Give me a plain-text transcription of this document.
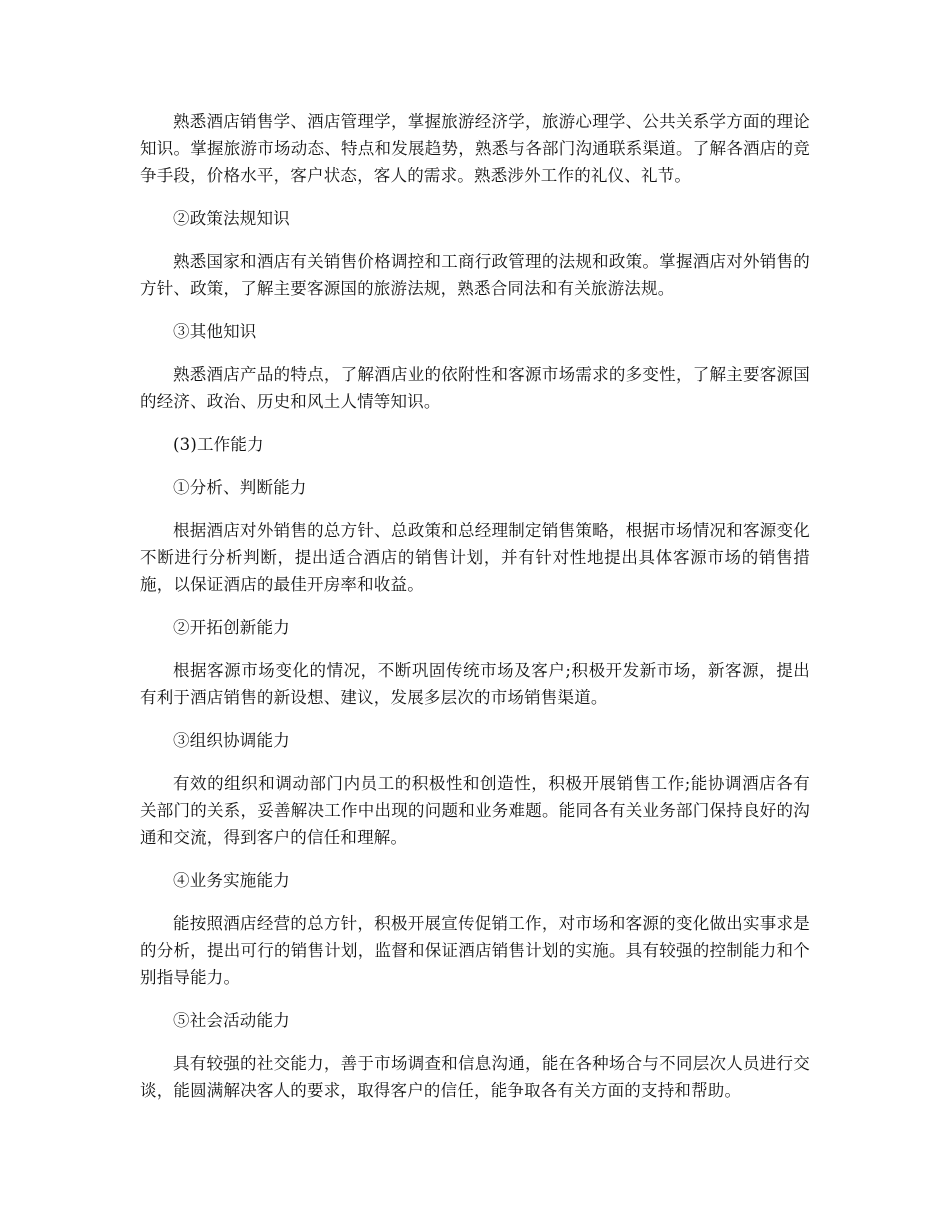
熟悉酒店销售学、酒店管理学，掌握旅游经济学，旅游心理学、公共关系学方面的理论知识。掌握旅游市场动态、特点和发展趋势，熟悉与各部门沟通联系渠道。了解各酒店的竞争手段，价格水平，客户状态，客人的需求。熟悉涉外工作的礼仪、礼节。

②政策法规知识

熟悉国家和酒店有关销售价格调控和工商行政管理的法规和政策。掌握酒店对外销售的方针、政策，了解主要客源国的旅游法规，熟悉合同法和有关旅游法规。

③其他知识

熟悉酒店产品的特点，了解酒店业的依附性和客源市场需求的多变性，了解主要客源国的经济、政治、历史和风土人情等知识。

(3)工作能力

①分析、判断能力

根据酒店对外销售的总方针、总政策和总经理制定销售策略，根据市场情况和客源变化不断进行分析判断，提出适合酒店的销售计划，并有针对性地提出具体客源市场的销售措施，以保证酒店的最佳开房率和收益。

②开拓创新能力

根据客源市场变化的情况，不断巩固传统市场及客户;积极开发新市场，新客源，提出有利于酒店销售的新设想、建议，发展多层次的市场销售渠道。

③组织协调能力

有效的组织和调动部门内员工的积极性和创造性，积极开展销售工作;能协调酒店各有关部门的关系，妥善解决工作中出现的问题和业务难题。能同各有关业务部门保持良好的沟通和交流，得到客户的信任和理解。

④业务实施能力

能按照酒店经营的总方针，积极开展宣传促销工作，对市场和客源的变化做出实事求是的分析，提出可行的销售计划，监督和保证酒店销售计划的实施。具有较强的控制能力和个别指导能力。

⑤社会活动能力

具有较强的社交能力，善于市场调查和信息沟通，能在各种场合与不同层次人员进行交谈，能圆满解决客人的要求，取得客户的信任，能争取各有关方面的支持和帮助。
